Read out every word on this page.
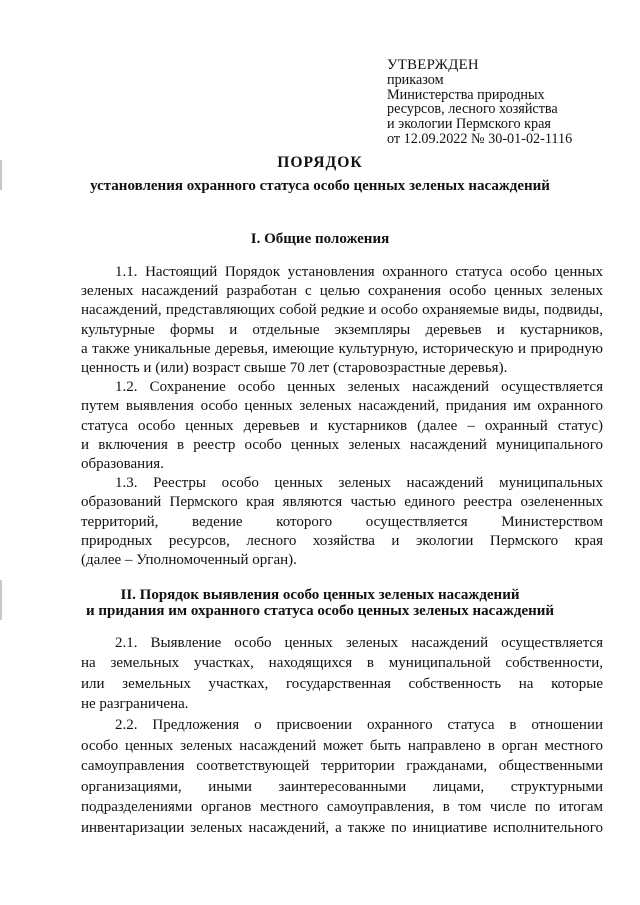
УТВЕРЖДЕН
приказом
Министерства природных
ресурсов, лесного хозяйства
и экологии Пермского края
от 12.09.2022 № 30-01-02-1116
ПОРЯДОК
установления охранного статуса особо ценных зеленых насаждений
I. Общие положения
1.1. Настоящий Порядок установления охранного статуса особо ценных
зеленых насаждений разработан с целью сохранения особо ценных зеленых
насаждений, представляющих собой редкие и особо охраняемые виды, подвиды,
культурные формы и отдельные экземпляры деревьев и кустарников,
а также уникальные деревья, имеющие культурную, историческую и природную
ценность и (или) возраст свыше 70 лет (старовозрастные деревья).
1.2. Сохранение особо ценных зеленых насаждений осуществляется
путем выявления особо ценных зеленых насаждений, придания им охранного
статуса особо ценных деревьев и кустарников (далее – охранный статус)
и включения в реестр особо ценных зеленых насаждений муниципального
образования.
1.3. Реестры особо ценных зеленых насаждений муниципальных
образований Пермского края являются частью единого реестра озелененных
территорий, ведение которого осуществляется Министерством
природных ресурсов, лесного хозяйства и экологии Пермского края
(далее – Уполномоченный орган).
II. Порядок выявления особо ценных зеленых насаждений
и придания им охранного статуса особо ценных зеленых насаждений
2.1. Выявление особо ценных зеленых насаждений осуществляется
на земельных участках, находящихся в муниципальной собственности,
или земельных участках, государственная собственность на которые
не разграничена.
2.2. Предложения о присвоении охранного статуса в отношении
особо ценных зеленых насаждений может быть направлено в орган местного
самоуправления соответствующей территории гражданами, общественными
организациями, иными заинтересованными лицами, структурными
подразделениями органов местного самоуправления, в том числе по итогам
инвентаризации зеленых насаждений, а также по инициативе исполнительного
